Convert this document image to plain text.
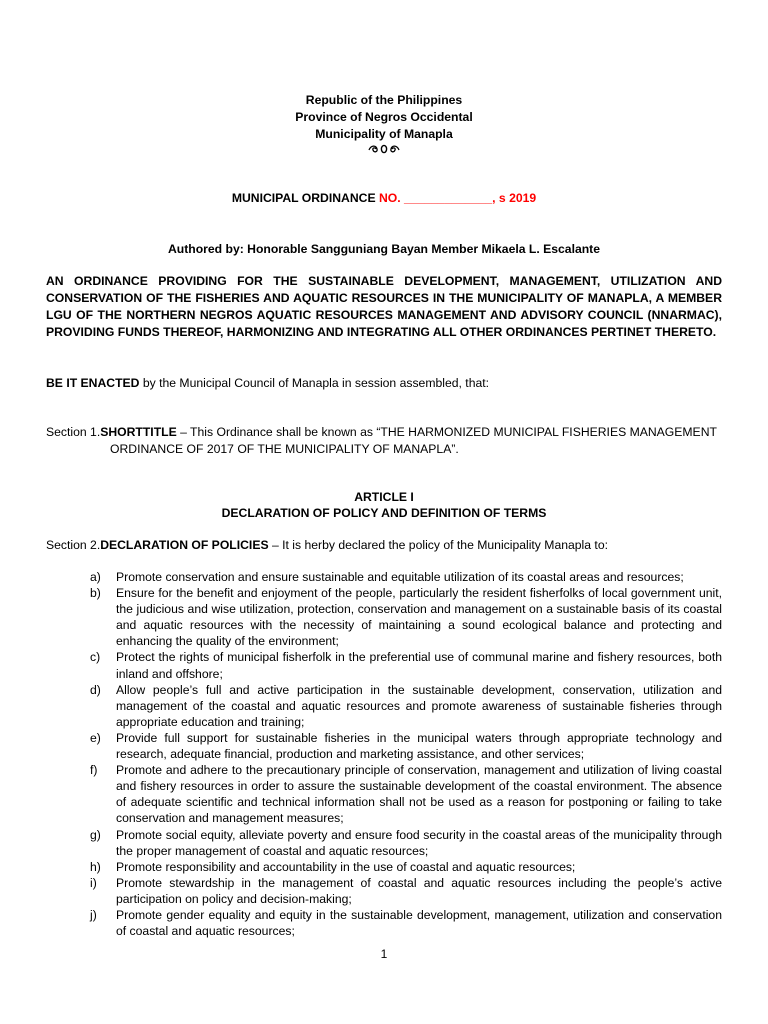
Republic of the Philippines
Province of Negros Occidental
Municipality of Manapla
MUNICIPAL ORDINANCE NO. _____________, s 2019
Authored by: Honorable Sangguniang Bayan Member Mikaela L. Escalante
AN ORDINANCE PROVIDING FOR THE SUSTAINABLE DEVELOPMENT, MANAGEMENT, UTILIZATION AND CONSERVATION OF THE FISHERIES AND AQUATIC RESOURCES IN THE MUNICIPALITY OF MANAPLA, A MEMBER LGU OF THE NORTHERN NEGROS AQUATIC RESOURCES MANAGEMENT AND ADVISORY COUNCIL (NNARMAC), PROVIDING FUNDS THEREOF, HARMONIZING AND INTEGRATING ALL OTHER ORDINANCES PERTINET THERETO.
BE IT ENACTED by the Municipal Council of Manapla in session assembled, that:
Section 1.SHORTTITLE – This Ordinance shall be known as “THE HARMONIZED MUNICIPAL FISHERIES MANAGEMENT ORDINANCE OF 2017 OF THE MUNICIPALITY OF MANAPLA”.
ARTICLE I
DECLARATION OF POLICY AND DEFINITION OF TERMS
Section 2.DECLARATION OF POLICIES – It is herby declared the policy of the Municipality Manapla to:
a) Promote conservation and ensure sustainable and equitable utilization of its coastal areas and resources;
b) Ensure for the benefit and enjoyment of the people, particularly the resident fisherfolks of local government unit, the judicious and wise utilization, protection, conservation and management on a sustainable basis of its coastal and aquatic resources with the necessity of maintaining a sound ecological balance and protecting and enhancing the quality of the environment;
c) Protect the rights of municipal fisherfolk in the preferential use of communal marine and fishery resources, both inland and offshore;
d) Allow people’s full and active participation in the sustainable development, conservation, utilization and management of the coastal and aquatic resources and promote awareness of sustainable fisheries through appropriate education and training;
e) Provide full support for sustainable fisheries in the municipal waters through appropriate technology and research, adequate financial, production and marketing assistance, and other services;
f) Promote and adhere to the precautionary principle of conservation, management and utilization of living coastal and fishery resources in order to assure the sustainable development of the coastal environment. The absence of adequate scientific and technical information shall not be used as a reason for postponing or failing to take conservation and management measures;
g) Promote social equity, alleviate poverty and ensure food security in the coastal areas of the municipality through the proper management of coastal and aquatic resources;
h) Promote responsibility and accountability in the use of coastal and aquatic resources;
i) Promote stewardship in the management of coastal and aquatic resources including the people’s active participation on policy and decision-making;
j) Promote gender equality and equity in the sustainable development, management, utilization and conservation of coastal and aquatic resources;
1
